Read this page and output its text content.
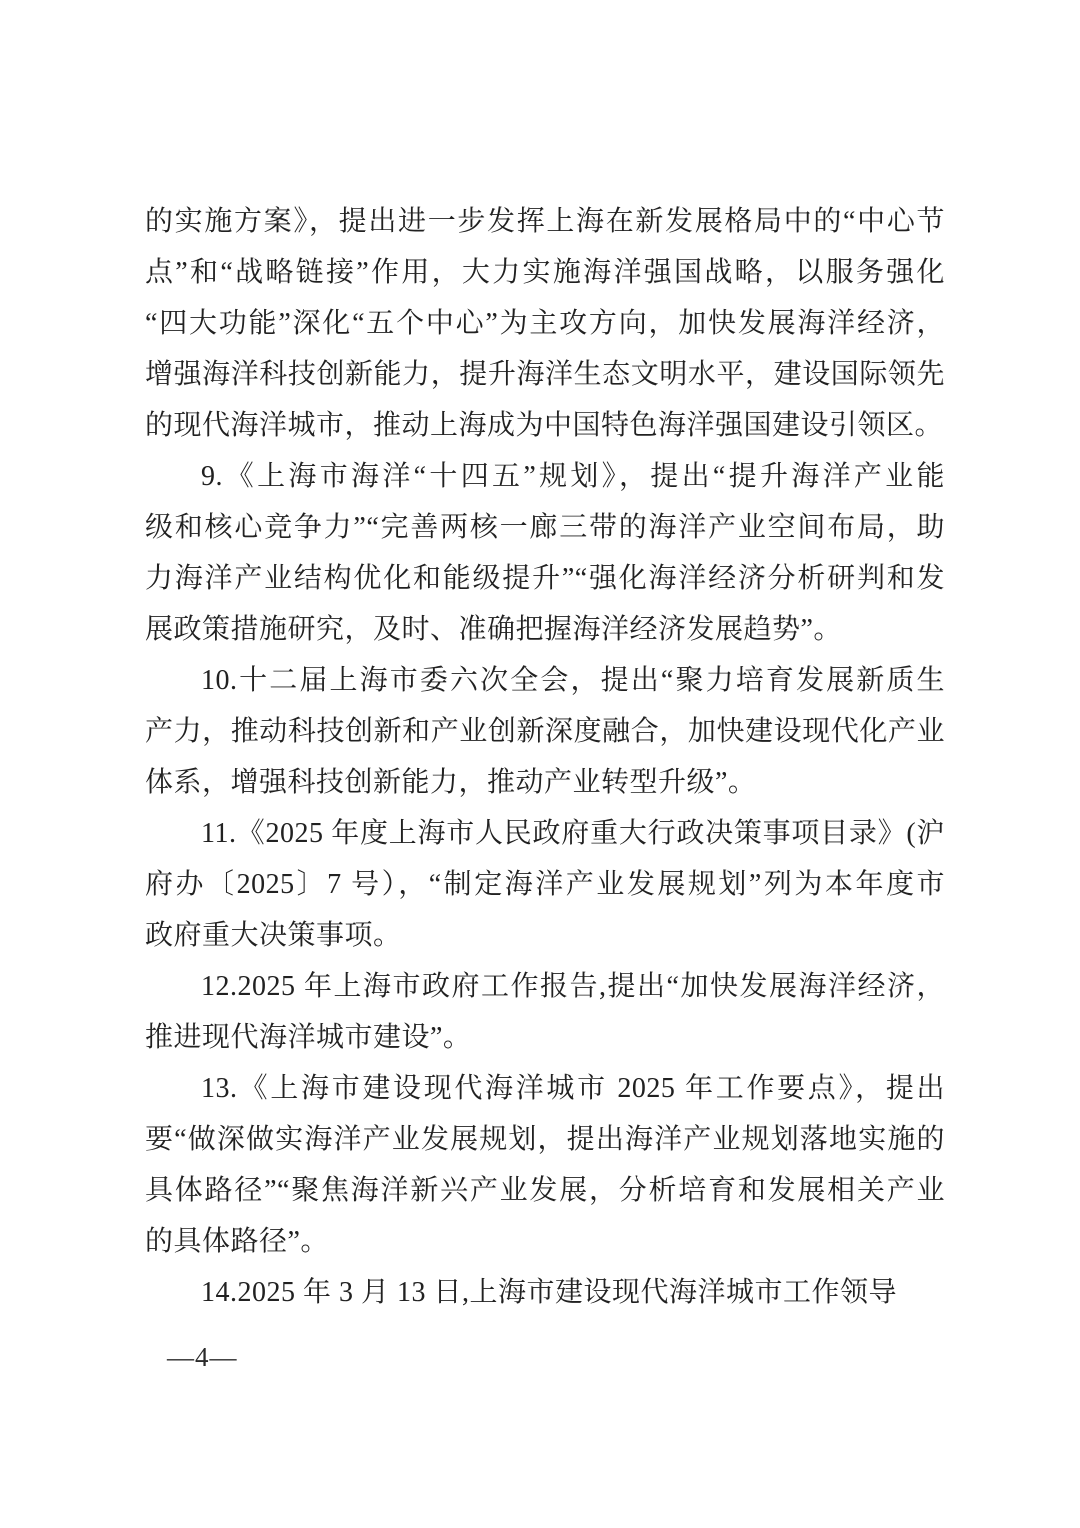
的实施方案》，提出进一步发挥上海在新发展格局中的“中心节
点”和“战略链接”作用，大力实施海洋强国战略，以服务强化
“四大功能”深化“五个中心”为主攻方向，加快发展海洋经济，
增强海洋科技创新能力，提升海洋生态文明水平，建设国际领先
的现代海洋城市，推动上海成为中国特色海洋强国建设引领区。

9.《上海市海洋“十四五”规划》，提出“提升海洋产业能
级和核心竞争力”“完善两核一廊三带的海洋产业空间布局，助
力海洋产业结构优化和能级提升”“强化海洋经济分析研判和发
展政策措施研究，及时、准确把握海洋经济发展趋势”。

10.十二届上海市委六次全会，提出“聚力培育发展新质生
产力，推动科技创新和产业创新深度融合，加快建设现代化产业
体系，增强科技创新能力，推动产业转型升级”。

11.《2025 年度上海市人民政府重大行政决策事项目录》(沪
府办〔2025〕7 号），“制定海洋产业发展规划”列为本年度市
政府重大决策事项。

12.2025 年上海市政府工作报告,提出“加快发展海洋经济，
推进现代海洋城市建设”。

13.《上海市建设现代海洋城市 2025 年工作要点》，提出
要“做深做实海洋产业发展规划，提出海洋产业规划落地实施的
具体路径”“聚焦海洋新兴产业发展，分析培育和发展相关产业
的具体路径”。

14.2025 年 3 月 13 日,上海市建设现代海洋城市工作领导

—4—
